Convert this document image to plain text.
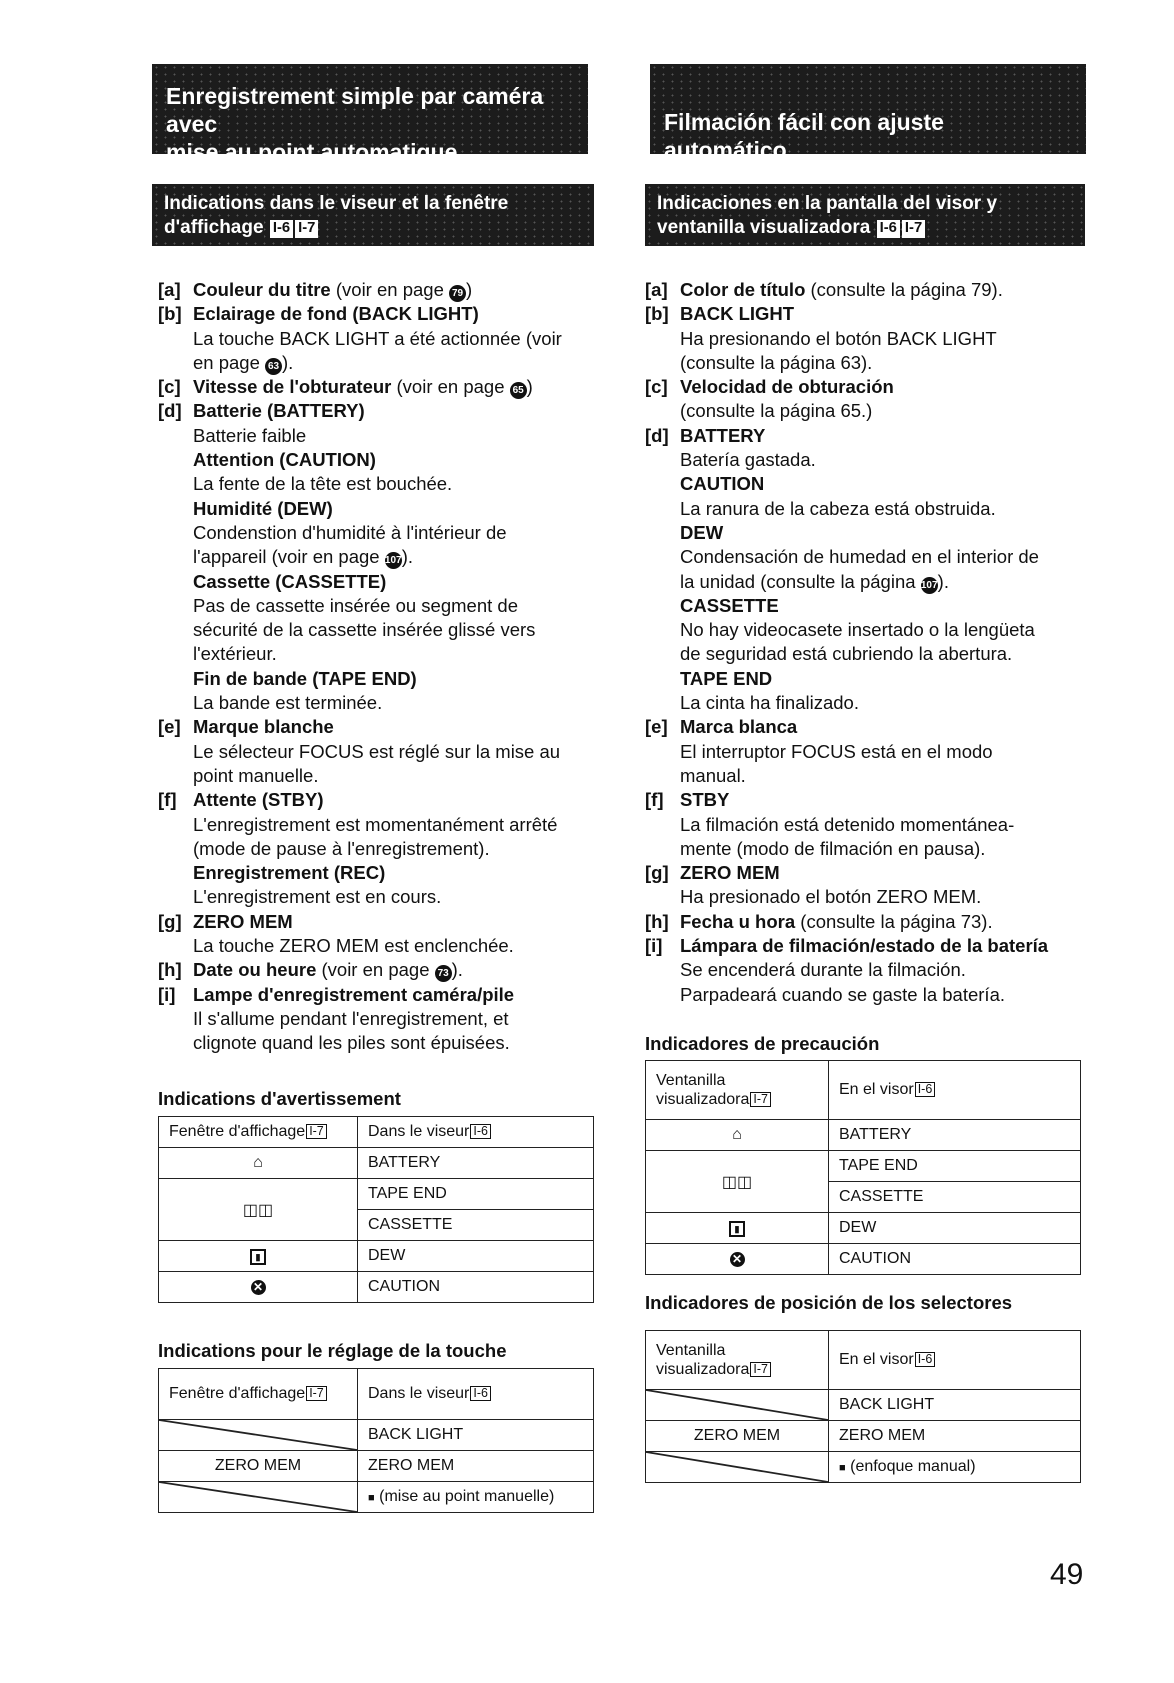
Enregistrement simple par caméra avec
mise au point automatique
Indications dans le viseur et la fenêtre
d'affichage I-6 I-7
[a] Couleur du titre (voir en page 79 )
[b] Eclairage de fond (BACK LIGHT)
La touche BACK LIGHT a été actionnée (voir
en page 63 ).
[c] Vitesse de l'obturateur (voir en page 65 )
[d] Batterie (BATTERY)
Batterie faible
Attention (CAUTION)
La fente de la tête est bouchée.
Humidité (DEW)
Condenstion d'humidité à l'intérieur de
l'appareil (voir en page 107).
Cassette (CASSETTE)
Pas de cassette insérée ou segment de
sécurité de la cassette insérée glissé vers
l'extérieur.
Fin de bande (TAPE END)
La bande est terminée.
[e] Marque blanche
Le sélecteur FOCUS est réglé sur la mise au
point manuelle.
[f] Attente (STBY)
L'enregistrement est momentanément arrêté
(mode de pause à l'enregistrement).
Enregistrement (REC)
L'enregistrement est en cours.
[g] ZERO MEM
La touche ZERO MEM est enclenchée.
[h] Date ou heure (voir en page 73 ).
[i] Lampe d'enregistrement caméra/pile
Il s'allume pendant l'enregistrement, et
clignote quand les piles sont épuisées.
Indications d'avertissement
Fenêtre d'affichage I-7	Dans le viseur I-6
⌂	BATTERY
◫◫	TAPE END
	CASSETTE
▮	DEW
✕	CAUTION
Indications pour le réglage de la touche
Fenêtre d'affichage I-7	Dans le viseur I-6

	BACK LIGHT
ZERO MEM	ZERO MEM

	■ (mise au point manuelle)
Filmación fácil con ajuste automático
Indicaciones en la pantalla del visor y
ventanilla visualizadora I-6 I-7
[a] Color de título (consulte la página 79).
[b] BACK LIGHT
Ha presionando el botón BACK LIGHT
(consulte la página 63).
[c] Velocidad de obturación
(consulte la página 65.)
[d] BATTERY
Batería gastada.
CAUTION
La ranura de la cabeza está obstruida.
DEW
Condensación de humedad en el interior de
la unidad (consulte la página 107).
CASSETTE
No hay videocasete insertado o la lengüeta
de seguridad está cubriendo la abertura.
TAPE END
La cinta ha finalizado.
[e] Marca blanca
El interruptor FOCUS está en el modo
manual.
[f] STBY
La filmación está detenido momentánea-
mente (modo de filmación en pausa).
[g] ZERO MEM
Ha presionado el botón ZERO MEM.
[h] Fecha u hora (consulte la página 73).
[i] Lámpara de filmación/estado de la batería
Se encenderá durante la filmación.
Parpadeará cuando se gaste la batería.
Indicadores de precaución
Ventanilla
visualizadora I-7	En el visor I-6
⌂	BATTERY
◫◫	TAPE END
	CASSETTE
▮	DEW
✕	CAUTION
Indicadores de posición de los selectores
Ventanilla
visualizadora I-7	En el visor I-6

	BACK LIGHT
ZERO MEM	ZERO MEM

	■ (enfoque manual)
49
